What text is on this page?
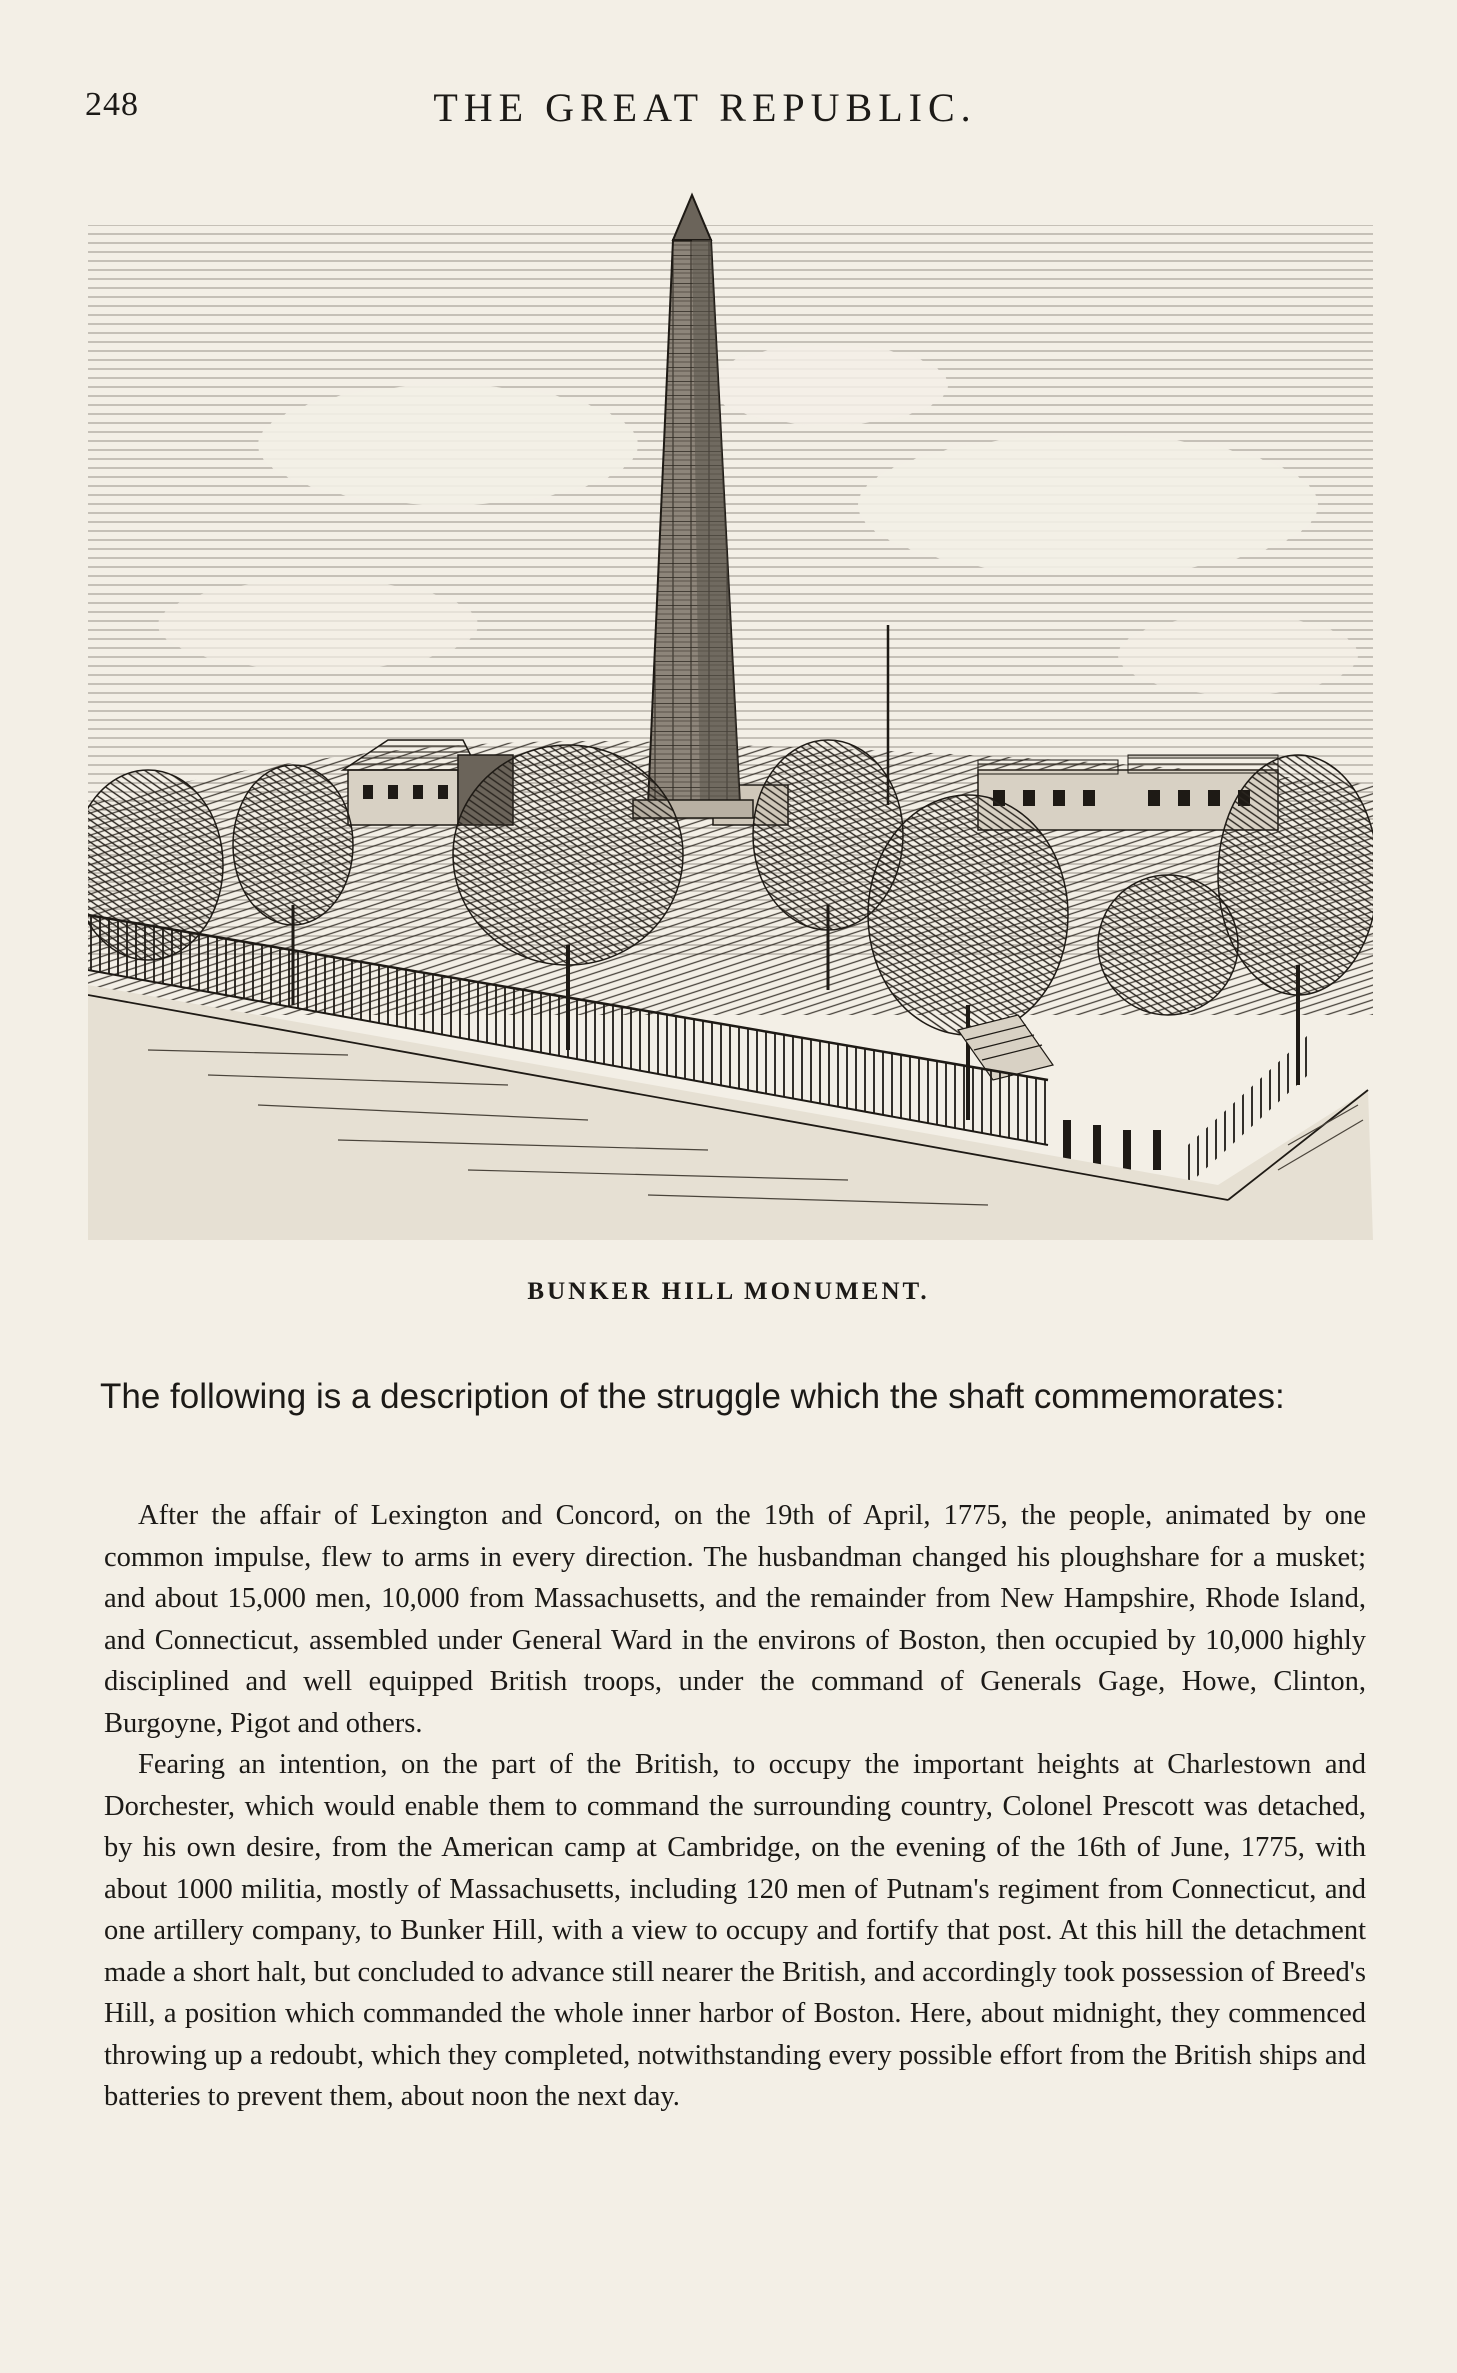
248	THE GREAT REPUBLIC.
BUNKER HILL MONUMENT.
The following is a description of the struggle which the shaft commemorates:

After the affair of Lexington and Concord, on the 19th of April, 1775, the people, animated by one common impulse, flew to arms in every direction. The husbandman changed his ploughshare for a musket; and about 15,000 men, 10,000 from Massachusetts, and the remainder from New Hampshire, Rhode Island, and Connecticut, assembled under General Ward in the environs of Boston, then occupied by 10,000 highly disciplined and well equipped British troops, under the command of Generals Gage, Howe, Clinton, Burgoyne, Pigot and others.

Fearing an intention, on the part of the British, to occupy the important heights at Charlestown and Dorchester, which would enable them to command the surrounding country, Colonel Prescott was detached, by his own desire, from the American camp at Cambridge, on the evening of the 16th of June, 1775, with about 1000 militia, mostly of Massachusetts, including 120 men of Putnam's regiment from Connecticut, and one artillery company, to Bunker Hill, with a view to occupy and fortify that post. At this hill the detachment made a short halt, but concluded to advance still nearer the British, and accordingly took possession of Breed's Hill, a position which commanded the whole inner harbor of Boston. Here, about midnight, they commenced throwing up a redoubt, which they completed, notwithstanding every possible effort from the British ships and batteries to prevent them, about noon the next day.
